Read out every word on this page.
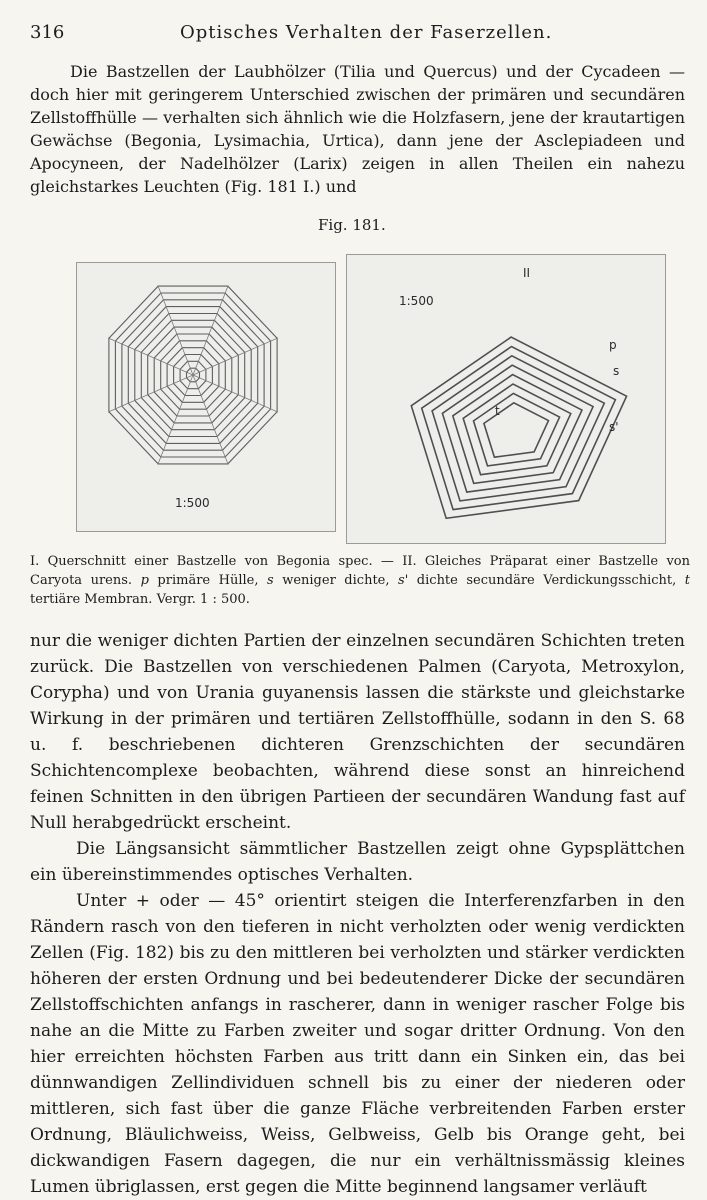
316	Optisches Verhalten der Faserzellen.
Die Bastzellen der Laubhölzer (Tilia und Quercus) und der Cycadeen — doch hier mit geringerem Unterschied zwischen der primären und secundären Zellstoffhülle — verhalten sich ähnlich wie die Holzfasern, jene der krautartigen Gewächse (Begonia, Lysimachia, Urtica), dann jene der Asclepiadeen und Apocyneen, der Nadelhölzer (Larix) zeigen in allen Theilen ein nahezu gleichstarkes Leuchten (Fig. 181 I.) und
Fig. 181.
1:500
II
1:500
p
s
s'
t
I. Querschnitt einer Bastzelle von Begonia spec. — II. Gleiches Präparat einer Bastzelle von Caryota urens. p primäre Hülle, s weniger dichte, s' dichte secundäre Verdickungsschicht, t tertiäre Membran. Vergr. 1 : 500.

nur die weniger dichten Partien der einzelnen secundären Schichten treten zurück. Die Bastzellen von verschiedenen Palmen (Caryota, Metroxylon, Corypha) und von Urania guyanensis lassen die stärkste und gleichstarke Wirkung in der primären und tertiären Zellstoffhülle, sodann in den S. 68 u. f. beschriebenen dichteren Grenzschichten der secundären Schichtencomplexe beobachten, während diese sonst an hinreichend feinen Schnitten in den übrigen Partieen der secundären Wandung fast auf Null herabgedrückt erscheint.

Die Längsansicht sämmtlicher Bastzellen zeigt ohne Gypsplättchen ein übereinstimmendes optisches Verhalten.

Unter + oder — 45° orientirt steigen die Interferenzfarben in den Rändern rasch von den tieferen in nicht verholzten oder wenig verdickten Zellen (Fig. 182) bis zu den mittleren bei verholzten und stärker verdickten höheren der ersten Ordnung und bei bedeutenderer Dicke der secundären Zellstoffschichten anfangs in rascherer, dann in weniger rascher Folge bis nahe an die Mitte zu Farben zweiter und sogar dritter Ordnung. Von den hier erreichten höchsten Farben aus tritt dann ein Sinken ein, das bei dünnwandigen Zellindividuen schnell bis zu einer der niederen oder mittleren, sich fast über die ganze Fläche verbreitenden Farben erster Ordnung, Bläulichweiss, Weiss, Gelbweiss, Gelb bis Orange geht, bei dickwandigen Fasern dagegen, die nur ein verhältnissmässig kleines Lumen übriglassen, erst gegen die Mitte beginnend langsamer verläuft
